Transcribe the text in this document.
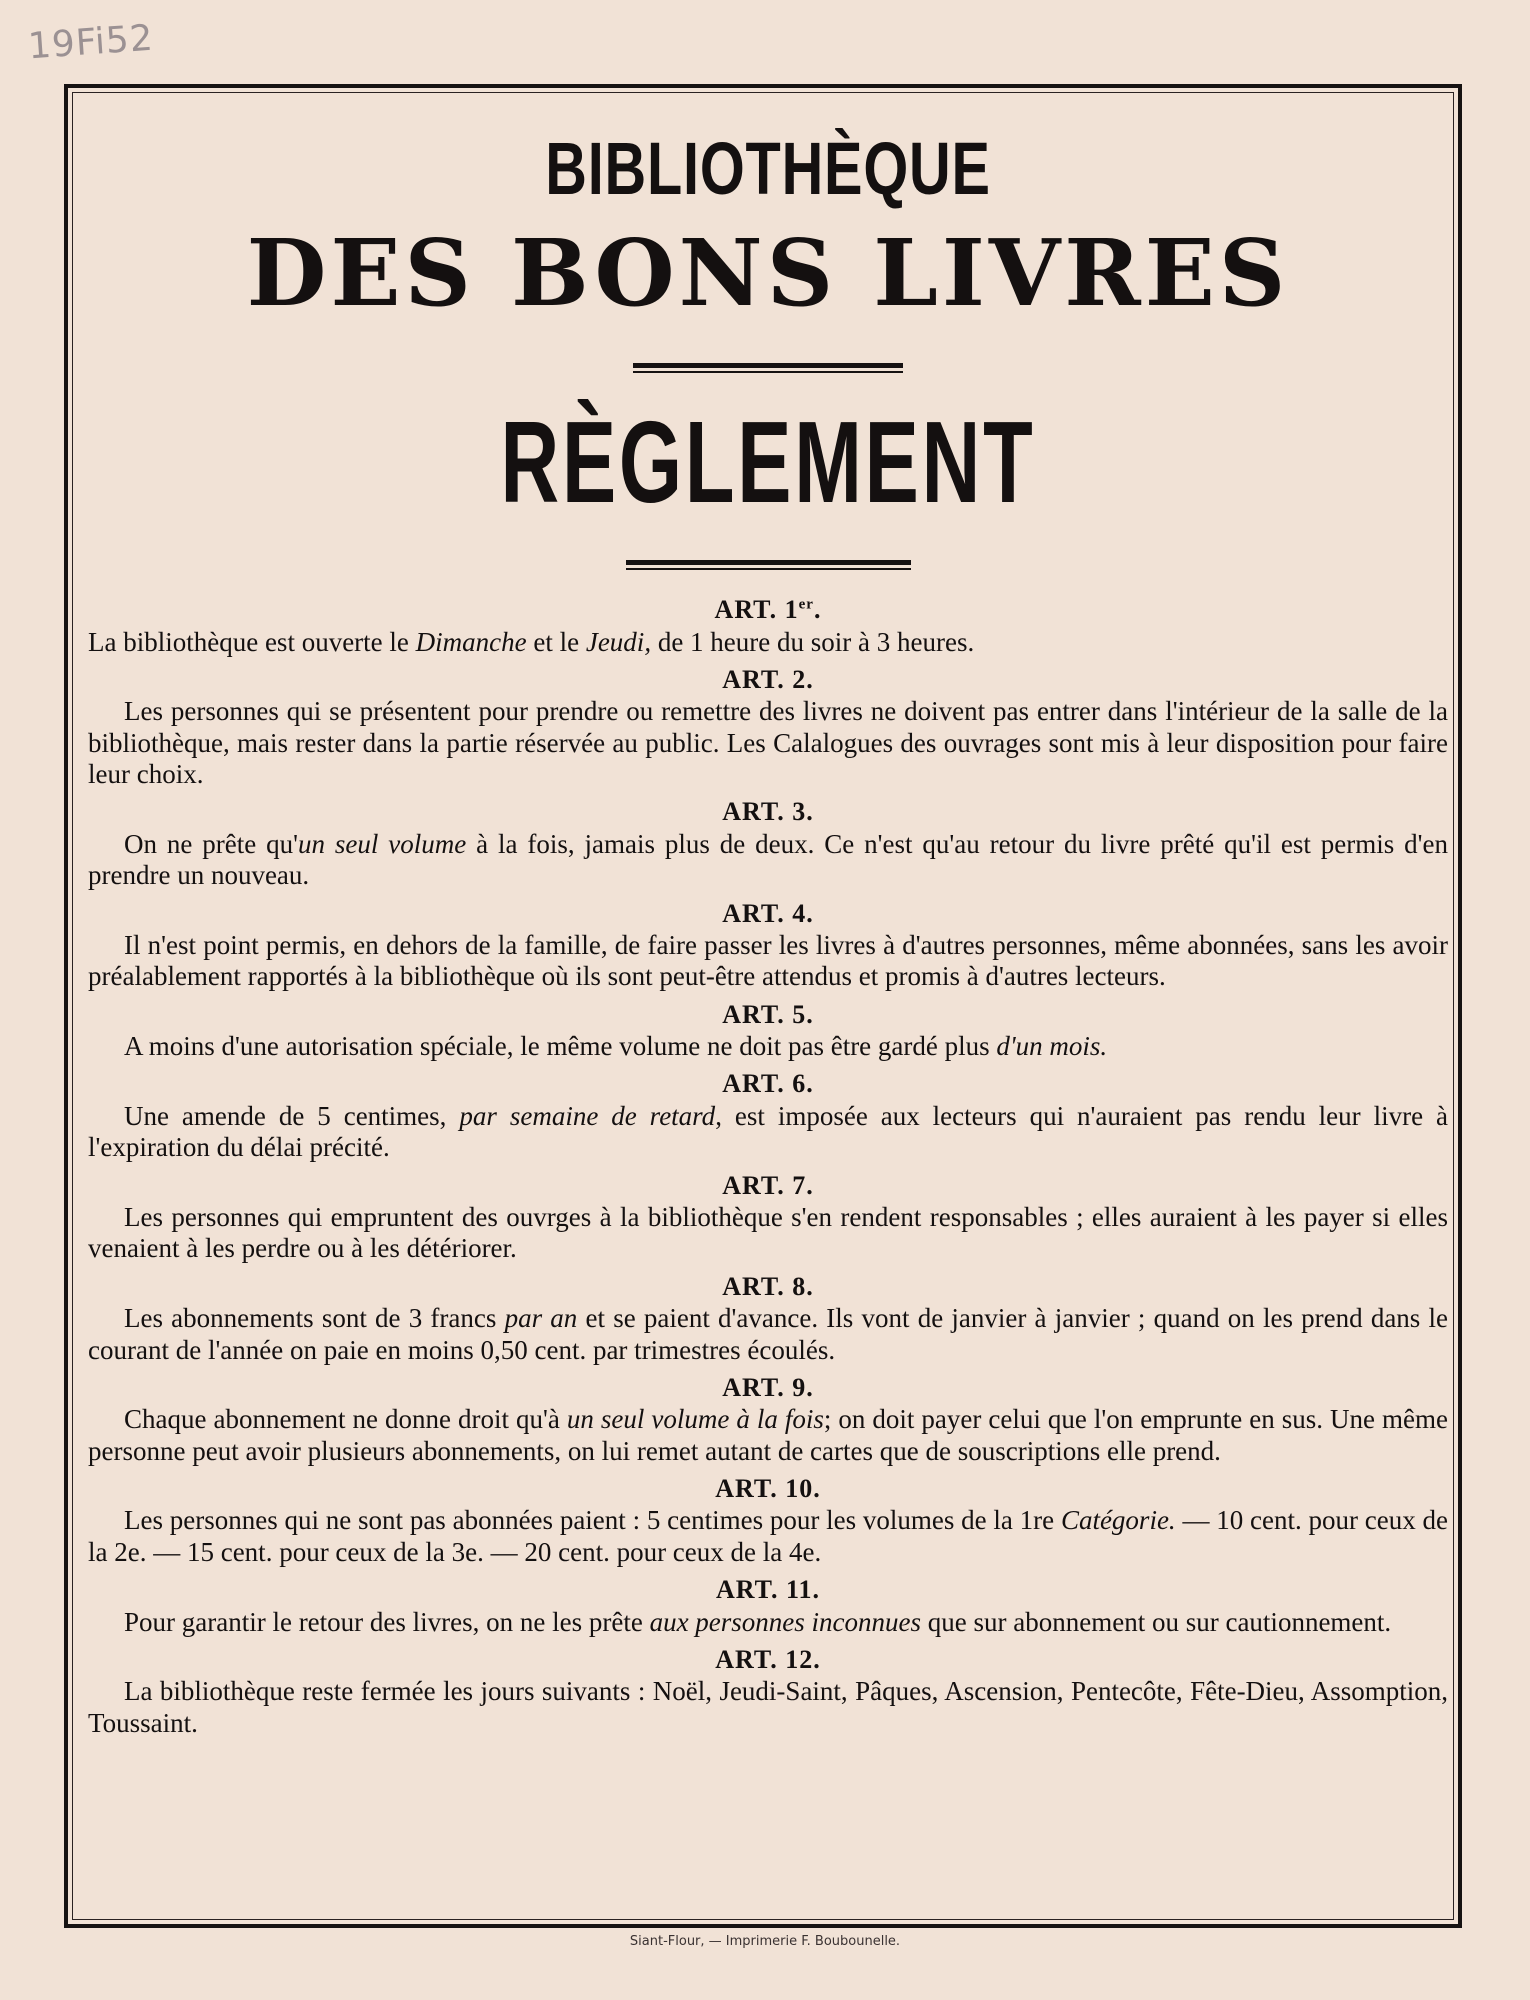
19Fi52
BIBLIOTHÈQUE
DES BONS LIVRES
RÈGLEMENT
ART. 1er.
La bibliothèque est ouverte le Dimanche et le Jeudi, de 1 heure du soir à 3 heures.
ART. 2.
Les personnes qui se présentent pour prendre ou remettre des livres ne doivent pas entrer dans l'intérieur de la salle de la bibliothèque, mais rester dans la partie réservée au public. Les Calalogues des ouvrages sont mis à leur disposition pour faire leur choix.
ART. 3.
On ne prête qu'un seul volume à la fois, jamais plus de deux. Ce n'est qu'au retour du livre prêté qu'il est permis d'en prendre un nouveau.
ART. 4.
Il n'est point permis, en dehors de la famille, de faire passer les livres à d'autres personnes, même abonnées, sans les avoir préalablement rapportés à la bibliothèque où ils sont peut-être attendus et promis à d'autres lecteurs.
ART. 5.
A moins d'une autorisation spéciale, le même volume ne doit pas être gardé plus d'un mois.
ART. 6.
Une amende de 5 centimes, par semaine de retard, est imposée aux lecteurs qui n'auraient pas rendu leur livre à l'expiration du délai précité.
ART. 7.
Les personnes qui empruntent des ouvrges à la bibliothèque s'en rendent responsables ; elles auraient à les payer si elles venaient à les perdre ou à les détériorer.
ART. 8.
Les abonnements sont de 3 francs par an et se paient d'avance. Ils vont de janvier à janvier ; quand on les prend dans le courant de l'année on paie en moins 0,50 cent. par trimestres écoulés.
ART. 9.
Chaque abonnement ne donne droit qu'à un seul volume à la fois; on doit payer celui que l'on emprunte en sus. Une même personne peut avoir plusieurs abonnements, on lui remet autant de cartes que de souscriptions elle prend.
ART. 10.
Les personnes qui ne sont pas abonnées paient : 5 centimes pour les volumes de la 1re Catégorie. — 10 cent. pour ceux de la 2e. — 15 cent. pour ceux de la 3e. — 20 cent. pour ceux de la 4e.
ART. 11.
Pour garantir le retour des livres, on ne les prête aux personnes inconnues que sur abonnement ou sur cautionnement.
ART. 12.
La bibliothèque reste fermée les jours suivants : Noël, Jeudi-Saint, Pâques, Ascension, Pentecôte, Fête-Dieu, Assomption, Toussaint.
Siant-Flour, — Imprimerie F. Boubounelle.
